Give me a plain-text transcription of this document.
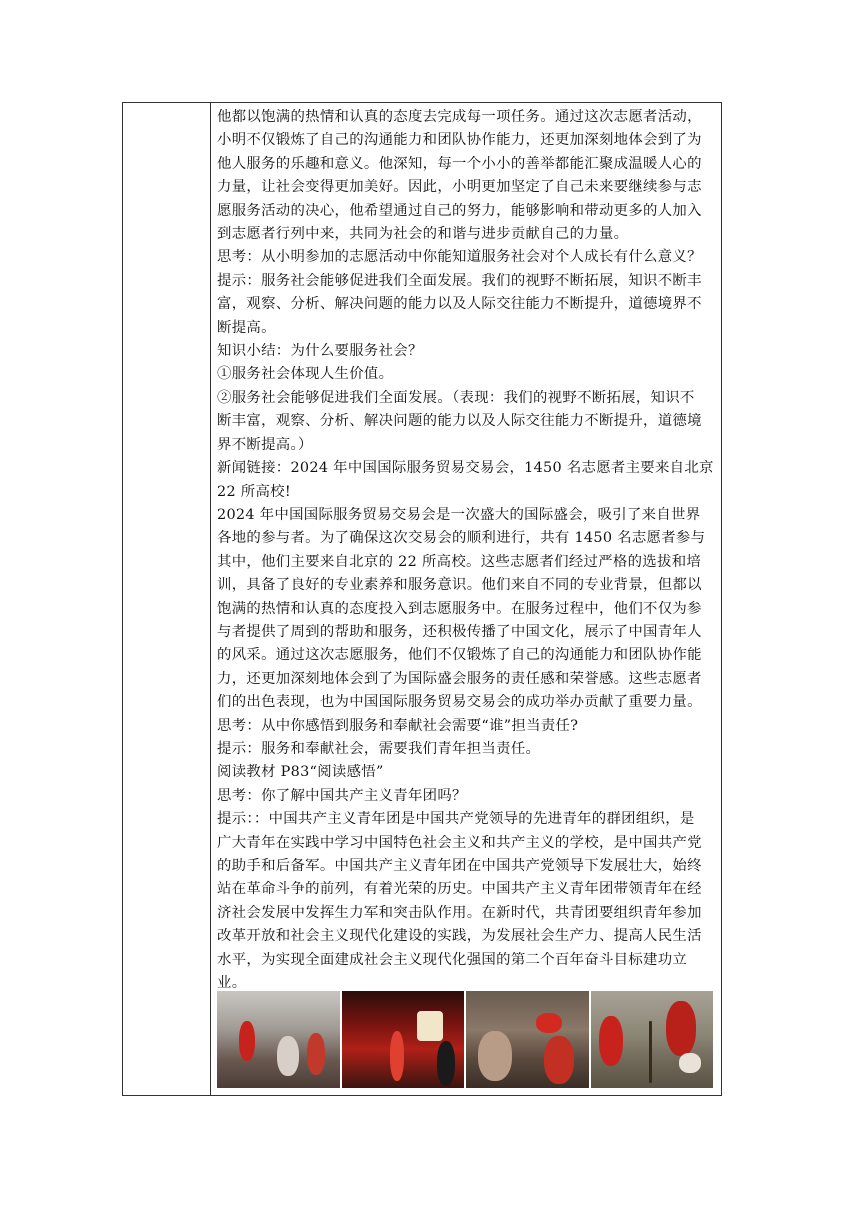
他都以饱满的热情和认真的态度去完成每一项任务。通过这次志愿者活动，

小明不仅锻炼了自己的沟通能力和团队协作能力，还更加深刻地体会到了为

他人服务的乐趣和意义。他深知，每一个小小的善举都能汇聚成温暖人心的

力量，让社会变得更加美好。因此，小明更加坚定了自己未来要继续参与志

愿服务活动的决心，他希望通过自己的努力，能够影响和带动更多的人加入

到志愿者行列中来，共同为社会的和谐与进步贡献自己的力量。

思考：从小明参加的志愿活动中你能知道服务社会对个人成长有什么意义？

提示：服务社会能够促进我们全面发展。我们的视野不断拓展，知识不断丰

富，观察、分析、解决问题的能力以及人际交往能力不断提升，道德境界不

断提高。

知识小结：为什么要服务社会？

①服务社会体现人生价值。

②服务社会能够促进我们全面发展。（表现：我们的视野不断拓展，知识不

断丰富，观察、分析、解决问题的能力以及人际交往能力不断提升，道德境

界不断提高。）

新闻链接：2024 年中国国际服务贸易交易会，1450 名志愿者主要来自北京

22 所高校!

2024 年中国国际服务贸易交易会是一次盛大的国际盛会，吸引了来自世界

各地的参与者。为了确保这次交易会的顺利进行，共有 1450 名志愿者参与

其中，他们主要来自北京的 22 所高校。这些志愿者们经过严格的选拔和培

训，具备了良好的专业素养和服务意识。他们来自不同的专业背景，但都以

饱满的热情和认真的态度投入到志愿服务中。在服务过程中，他们不仅为参

与者提供了周到的帮助和服务，还积极传播了中国文化，展示了中国青年人

的风采。通过这次志愿服务，他们不仅锻炼了自己的沟通能力和团队协作能

力，还更加深刻地体会到了为国际盛会服务的责任感和荣誉感。这些志愿者

们的出色表现，也为中国国际服务贸易交易会的成功举办贡献了重要力量。

思考：从中你感悟到服务和奉献社会需要“谁”担当责任?

提示：服务和奉献社会，需要我们青年担当责任。

阅读教材 P83“阅读感悟”

思考：你了解中国共产主义青年团吗？

提示：：中国共产主义青年团是中国共产党领导的先进青年的群团组织，是

广大青年在实践中学习中国特色社会主义和共产主义的学校，是中国共产党

的助手和后备军。中国共产主义青年团在中国共产党领导下发展壮大，始终

站在革命斗争的前列，有着光荣的历史。中国共产主义青年团带领青年在经

济社会发展中发挥生力军和突击队作用。在新时代，共青团要组织青年参加

改革开放和社会主义现代化建设的实践，为发展社会生产力、提高人民生活

水平，为实现全面建成社会主义现代化强国的第二个百年奋斗目标建功立

业。
